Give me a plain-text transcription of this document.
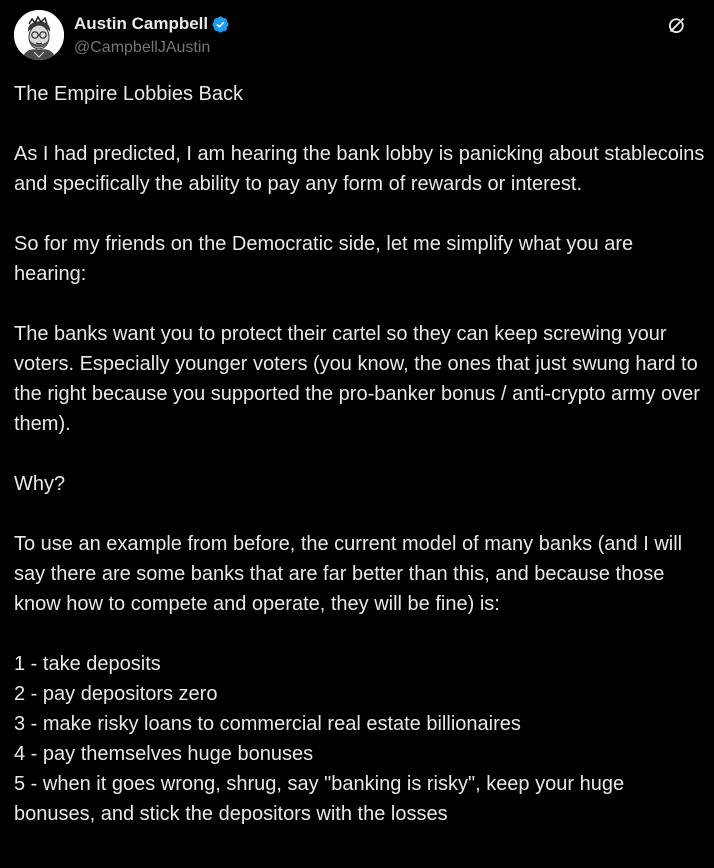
Austin Campbell
@CampbellJAustin

The Empire Lobbies Back

As I had predicted, I am hearing the bank lobby is panicking about stablecoins and specifically the ability to pay any form of rewards or interest.

So for my friends on the Democratic side, let me simplify what you are hearing:

The banks want you to protect their cartel so they can keep screwing your voters. Especially younger voters (you know, the ones that just swung hard to the right because you supported the pro-banker bonus / anti-crypto army over them).

Why?

To use an example from before, the current model of many banks (and I will say there are some banks that are far better than this, and because those know how to compete and operate, they will be fine) is:

1 - take deposits

2 - pay depositors zero

3 - make risky loans to commercial real estate billionaires

4 - pay themselves huge bonuses

5 - when it goes wrong, shrug, say "banking is risky", keep your huge bonuses, and stick the depositors with the losses
